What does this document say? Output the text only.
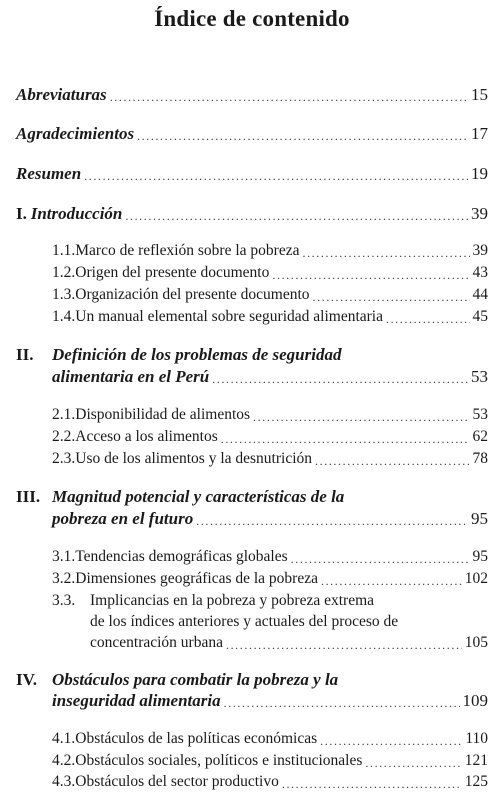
Índice de contenido
Abreviaturas .....	15
Agradecimientos .....	17
Resumen .....	19
I. Introducción .....	39
1.1. Marco de reflexión sobre la pobreza .....	39
1.2. Origen del presente documento .....	43
1.3. Organización del presente documento .....	44
1.4. Un manual elemental sobre seguridad alimentaria .....	45
II. Definición de los problemas de seguridad
alimentaria en el Perú .....	53
2.1. Disponibilidad de alimentos .....	53
2.2. Acceso a los alimentos .....	62
2.3. Uso de los alimentos y la desnutrición .....	78
III. Magnitud potencial y características de la
pobreza en el futuro .....	95
3.1. Tendencias demográficas globales .....	95
3.2. Dimensiones geográficas de la pobreza .....	102
3.3. Implicancias en la pobreza y pobreza extrema
de los índices anteriores y actuales del proceso de
concentración urbana .....	105
IV. Obstáculos para combatir la pobreza y la
inseguridad alimentaria .....	109
4.1. Obstáculos de las políticas económicas .....	110
4.2. Obstáculos sociales, políticos e institucionales .....	121
4.3. Obstáculos del sector productivo .....	125
